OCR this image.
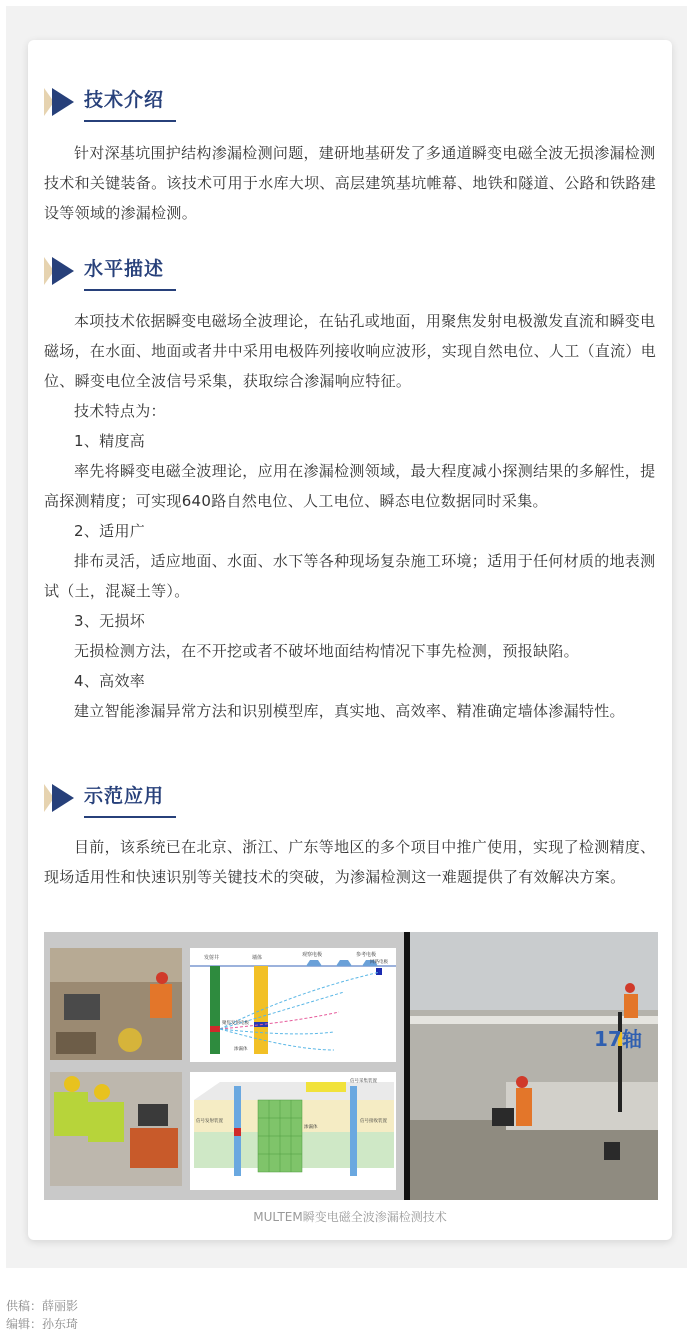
技术介绍

针对深基坑围护结构渗漏检测问题，建研地基研发了多通道瞬变电磁全波无损渗漏检测技术和关键装备。该技术可用于水库大坝、高层建筑基坑帷幕、地铁和隧道、公路和铁路建设等领域的渗漏检测。

水平描述

本项技术依据瞬变电磁场全波理论，在钻孔或地面，用聚焦发射电极激发直流和瞬变电磁场，在水面、地面或者井中采用电极阵列接收响应波形，实现自然电位、人工（直流）电位、瞬变电位全波信号采集，获取综合渗漏响应特征。

技术特点为：

1、精度高

率先将瞬变电磁全波理论，应用在渗漏检测领域，最大程度减小探测结果的多解性，提高探测精度；可实现640路自然电位、人工电位、瞬态电位数据同时采集。

2、适用广

排布灵活，适应地面、水面、水下等各种现场复杂施工环境；适用于任何材质的地表测试（土，混凝土等）。

3、无损坏

无损检测方法，在不开挖或者不破坏地面结构情况下事先检测，预报缺陷。

4、高效率

建立智能渗漏异常方法和识别模型库，真实地、高效率、精准确定墙体渗漏特性。

示范应用

目前，该系统已在北京、浙江、广东等地区的多个项目中推广使用，实现了检测精度、现场适用性和快速识别等关键技术的突破，为渗漏检测这一难题提供了有效解决方案。

发射井	墙体	观察电极	参考电极
回路电极
聚焦发射电极
渗漏体
信号发射装置
渗漏体
信号采集装置
信号接收装置
17轴
MULTEM瞬变电磁全波渗漏检测技术
供稿：薛丽影
编辑：孙东琦
